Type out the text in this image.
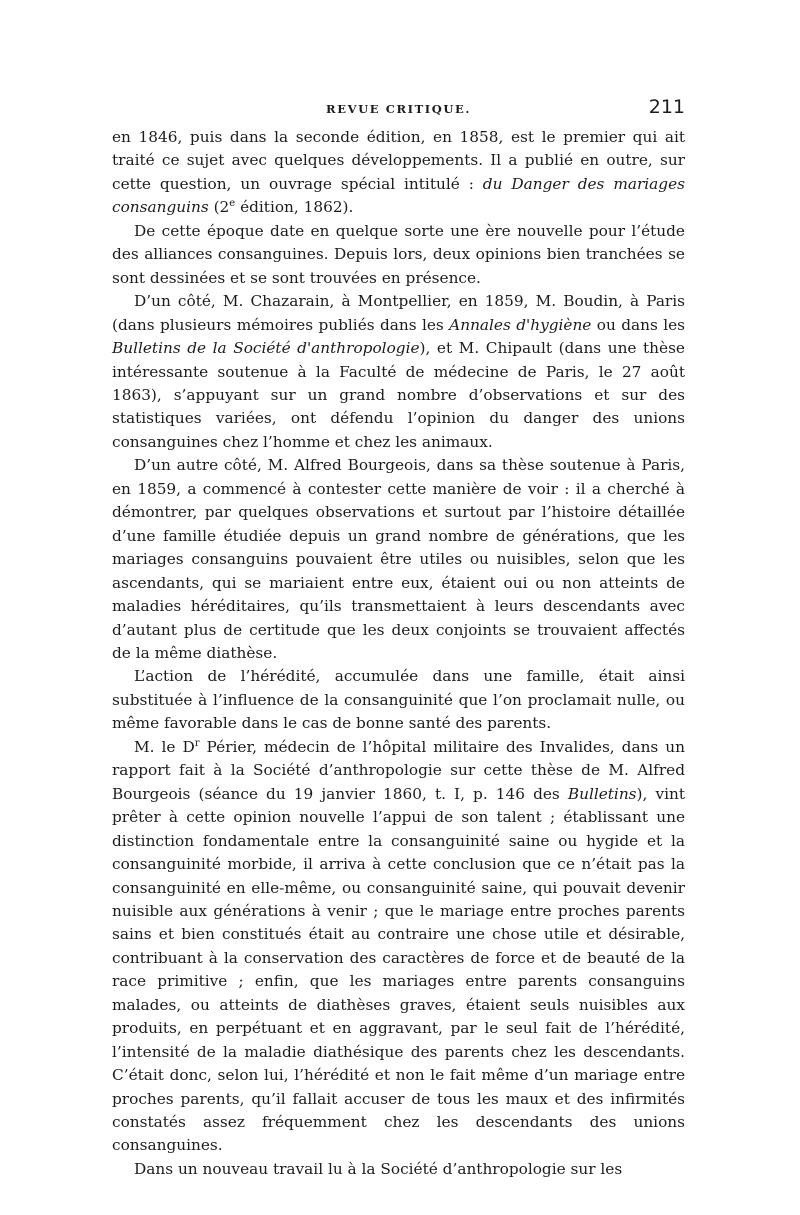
REVUE CRITIQUE.	211

en 1846, puis dans la seconde édition, en 1858, est le premier qui ait traité ce sujet avec quelques développements. Il a publié en outre, sur cette question, un ouvrage spécial intitulé : du Danger des mariages consanguins (2e édition, 1862).

De cette époque date en quelque sorte une ère nouvelle pour l’étude des alliances consanguines. Depuis lors, deux opinions bien tranchées se sont dessinées et se sont trouvées en présence.

D’un côté, M. Chazarain, à Montpellier, en 1859, M. Boudin, à Paris (dans plusieurs mémoires publiés dans les Annales d'hygiène ou dans les Bulletins de la Société d'anthropologie), et M. Chipault (dans une thèse intéressante soutenue à la Faculté de médecine de Paris, le 27 août 1863), s’appuyant sur un grand nombre d’observations et sur des statistiques variées, ont défendu l’opinion du danger des unions consanguines chez l’homme et chez les animaux.

D’un autre côté, M. Alfred Bourgeois, dans sa thèse soutenue à Paris, en 1859, a commencé à contester cette manière de voir : il a cherché à démontrer, par quelques observations et surtout par l’histoire détaillée d’une famille étudiée depuis un grand nombre de générations, que les mariages consanguins pouvaient être utiles ou nuisibles, selon que les ascendants, qui se mariaient entre eux, étaient oui ou non atteints de maladies héréditaires, qu’ils transmettaient à leurs descendants avec d’autant plus de certitude que les deux conjoints se trouvaient affectés de la même diathèse.

L’action de l’hérédité, accumulée dans une famille, était ainsi substituée à l’influence de la consanguinité que l’on proclamait nulle, ou même favorable dans le cas de bonne santé des parents.

M. le $D^r$ Périer, médecin de l’hôpital militaire des Invalides, dans un rapport fait à la Société d’anthropologie sur cette thèse de M. Alfred Bourgeois (séance du 19 janvier 1860, t. I, p. 146 des Bulletins), vint prêter à cette opinion nouvelle l’appui de son talent ; établissant une distinction fondamentale entre la consanguinité saine ou hygide et la consanguinité morbide, il arriva à cette conclusion que ce n’était pas la consanguinité en elle-même, ou consanguinité saine, qui pouvait devenir nuisible aux générations à venir ; que le mariage entre proches parents sains et bien constitués était au contraire une chose utile et désirable, contribuant à la conservation des caractères de force et de beauté de la race primitive ; enfin, que les mariages entre parents consanguins malades, ou atteints de diathèses graves, étaient seuls nuisibles aux produits, en perpétuant et en aggravant, par le seul fait de l’hérédité, l’intensité de la maladie diathésique des parents chez les descendants. C’était donc, selon lui, l’hérédité et non le fait même d’un mariage entre proches parents, qu’il fallait accuser de tous les maux et des infirmités constatés assez fréquemment chez les descendants des unions consanguines.

Dans un nouveau travail lu à la Société d’anthropologie sur les
